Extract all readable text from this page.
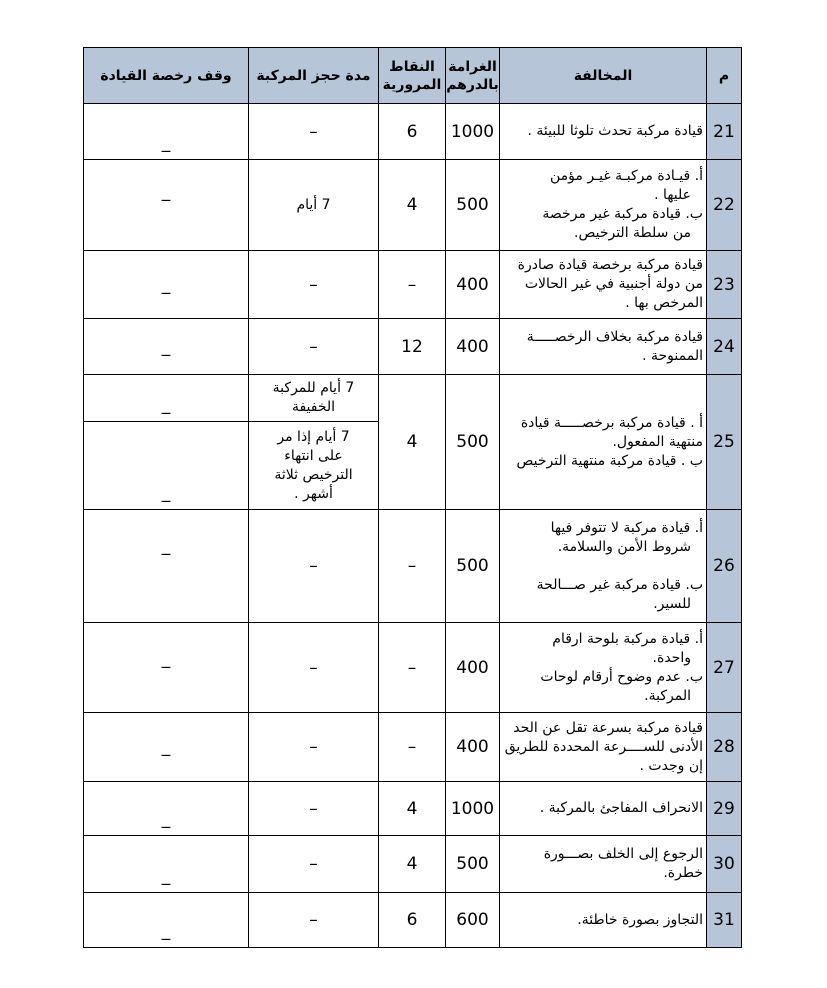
م	المخالفة	الغرامة بالدرهم	النقاط المرورية	مدة حجز المركبة	وقف رخصة القيادة
21	قيادة مركبة تحدث تلوثا للبيئة .	1000	6	–	_
22	أ. قيـادة مركبـة غيـر مؤمن
عليها .
ب. قيادة مركبة غير مرخصة
من سلطة الترخيص.	500	4	7 أيام	_
23	قيادة مركبة برخصة قيادة صادرة
من دولة أجنبية في غير الحالات
المرخص بها .	400	–	–	_
24	قيادة مركبة بخلاف الرخصـــــة
الممنوحة .	400	12	–	_
25	أ . قيادة مركبة برخصـــــة قيادة
منتهية المفعول.
ب . قيادة مركبة منتهية الترخيص	500	4	7 أيام للمركبة الخفيفة	_
				7 أيام إذا مر على انتهاء الترخيص ثلاثة أشهر .	_
26	أ. قيادة مركبة لا تتوفر فيها
شروط الأمن والسلامة.

ب. قيادة مركبة غير صـــالحة
للسير.	500	–	–	_
27	أ. قيادة مركبة بلوحة ارقام
واحدة.
ب. عدم وضوح أرقام لوحات
المركبة.	400	–	–	_
28	قيادة مركبة بسرعة تقل عن الحد
الأدنى للســــرعة المحددة للطريق
إن وجدت .	400	–	–	_
29	الانحراف المفاجئ بالمركبة .	1000	4	–	_
30	الرجوع إلى الخلف بصـــورة
خطرة.	500	4	–	_
31	التجاوز بصورة خاطئة.	600	6	–	_
